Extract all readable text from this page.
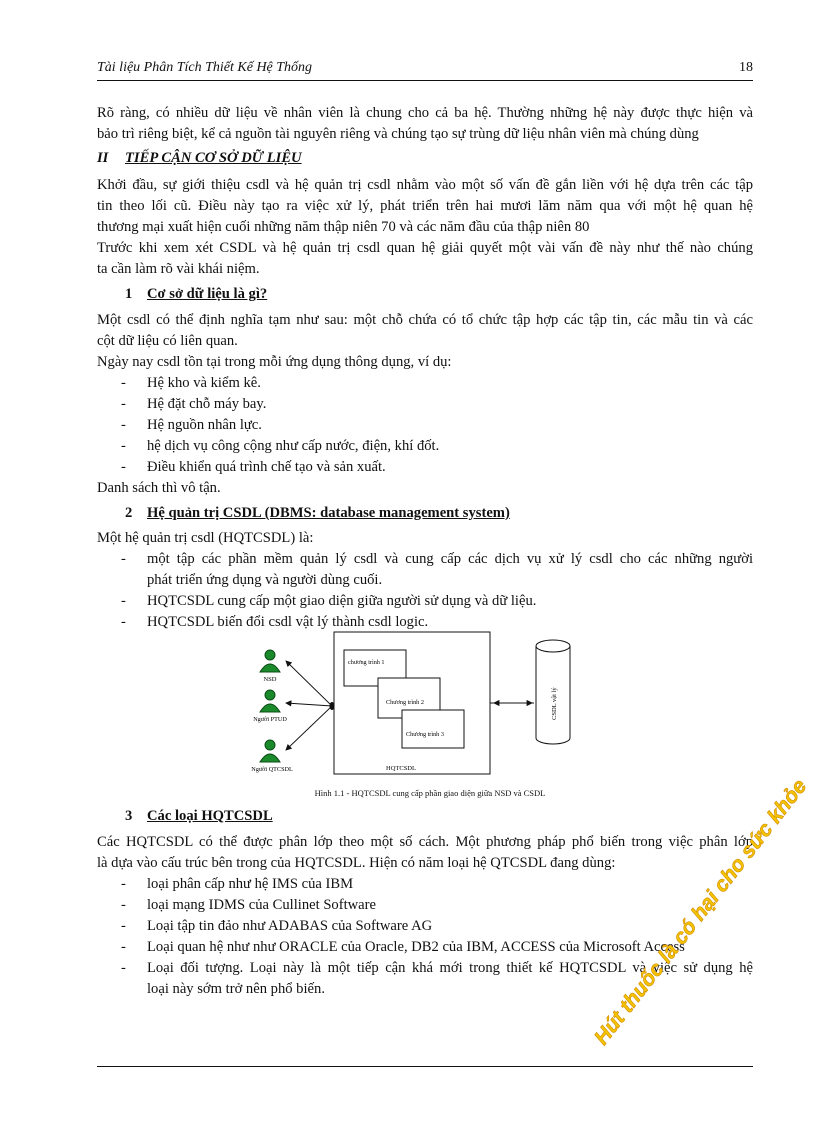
Tài liệu Phân Tích Thiết Kế Hệ Thống	18

Rõ ràng, có nhiều dữ liệu về nhân viên là chung cho cả ba hệ. Thường những hệ này được thực hiện và

bảo trì riêng biệt, kể cả nguồn tài nguyên riêng và chúng tạo sự trùng dữ liệu nhân viên mà chúng dùng

II TIẾP CẬN CƠ SỞ DỮ LIỆU

Khởi đầu, sự giới thiệu csdl và hệ quản trị csdl nhằm vào một số vấn đề gắn liền với hệ dựa trên các tập

tin theo lối cũ. Điều này tạo ra việc xử lý, phát triển trên hai mươi lăm năm qua với một hệ quan hệ

thương mại xuất hiện cuối những năm thập niên 70 và các năm đầu của thập niên 80

Trước khi xem xét CSDL và hệ quản trị csdl quan hệ giải quyết một vài vấn đề này như thế nào chúng

ta cần làm rõ vài khái niệm.

1 Cơ sở dữ liệu là gì?

Một csdl có thể định nghĩa tạm như sau: một chỗ chứa có tổ chức tập hợp các tập tin, các mẫu tin và các

cột dữ liệu có liên quan.

Ngày nay csdl tồn tại trong mỗi ứng dụng thông dụng, ví dụ:

- Hệ kho và kiểm kê.
- Hệ đặt chỗ máy bay.
- Hệ nguồn nhân lực.
- hệ dịch vụ công cộng như cấp nước, điện, khí đốt.
- Điều khiển quá trình chế tạo và sản xuất.

Danh sách thì vô tận.

2 Hệ quản trị CSDL (DBMS: database management system)

Một hệ quản trị csdl (HQTCSDL) là:

- một tập các phần mềm quản lý csdl và cung cấp các dịch vụ xử lý csdl cho các những người
phát triển ứng dụng và người dùng cuối.
- HQTCSDL cung cấp một giao diện giữa người sử dụng và dữ liệu.
- HQTCSDL biến đổi csdl vật lý thành csdl logic.
NSD
Người PTUD
Người QTCSDL
chương trình 1
Chương trình 2
Chương trình 3
HQTCSDL
CSDL vật lý
Hình 1.1 - HQTCSDL cung cấp phần giao diện giữa NSD và CSDL
3 Các loại HQTCSDL

Các HQTCSDL có thể được phân lớp theo một số cách. Một phương pháp phổ biến trong việc phân lớp

là dựa vào cấu trúc bên trong của HQTCSDL. Hiện có năm loại hệ QTCSDL đang dùng:

- loại phân cấp như hệ IMS của IBM
- loại mạng IDMS của Cullinet Software
- Loại tập tin đảo như ADABAS của Software AG
- Loại quan hệ như như ORACLE của Oracle, DB2 của IBM, ACCESS của Microsoft Access
- Loại đối tượng. Loại này là một tiếp cận khá mới trong thiết kế HQTCSDL và việc sử dụng hệ
loại này sớm trở nên phổ biến.	Hút thuốc là có hại cho sức khỏe
